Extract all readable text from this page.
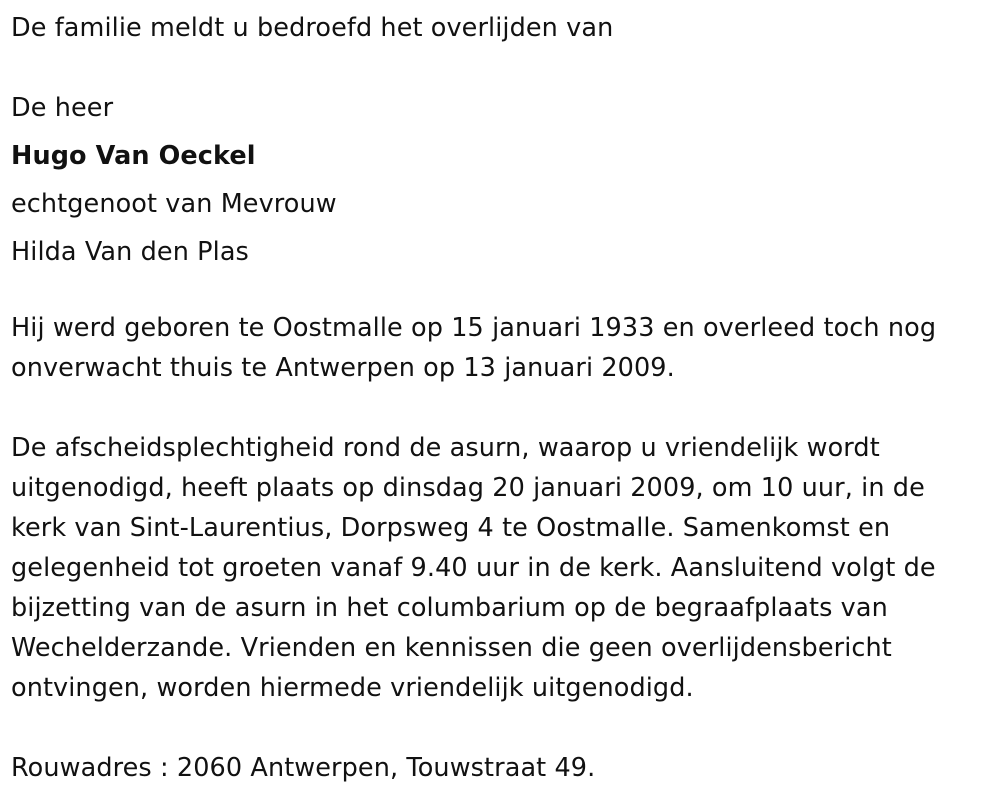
De familie meldt u bedroefd het overlijden van
De heer
Hugo Van Oeckel
echtgenoot van Mevrouw
Hilda Van den Plas

Hij werd geboren te Oostmalle op 15 januari 1933 en overleed toch nog
onverwacht thuis te Antwerpen op 13 januari 2009.

De afscheidsplechtigheid rond de asurn, waarop u vriendelijk wordt
uitgenodigd, heeft plaats op dinsdag 20 januari 2009, om 10 uur, in de
kerk van Sint-Laurentius, Dorpsweg 4 te Oostmalle. Samenkomst en
gelegenheid tot groeten vanaf 9.40 uur in de kerk. Aansluitend volgt de
bijzetting van de asurn in het columbarium op de begraafplaats van
Wechelderzande. Vrienden en kennissen die geen overlijdensbericht
ontvingen, worden hiermede vriendelijk uitgenodigd.

Rouwadres : 2060 Antwerpen, Touwstraat 49.
